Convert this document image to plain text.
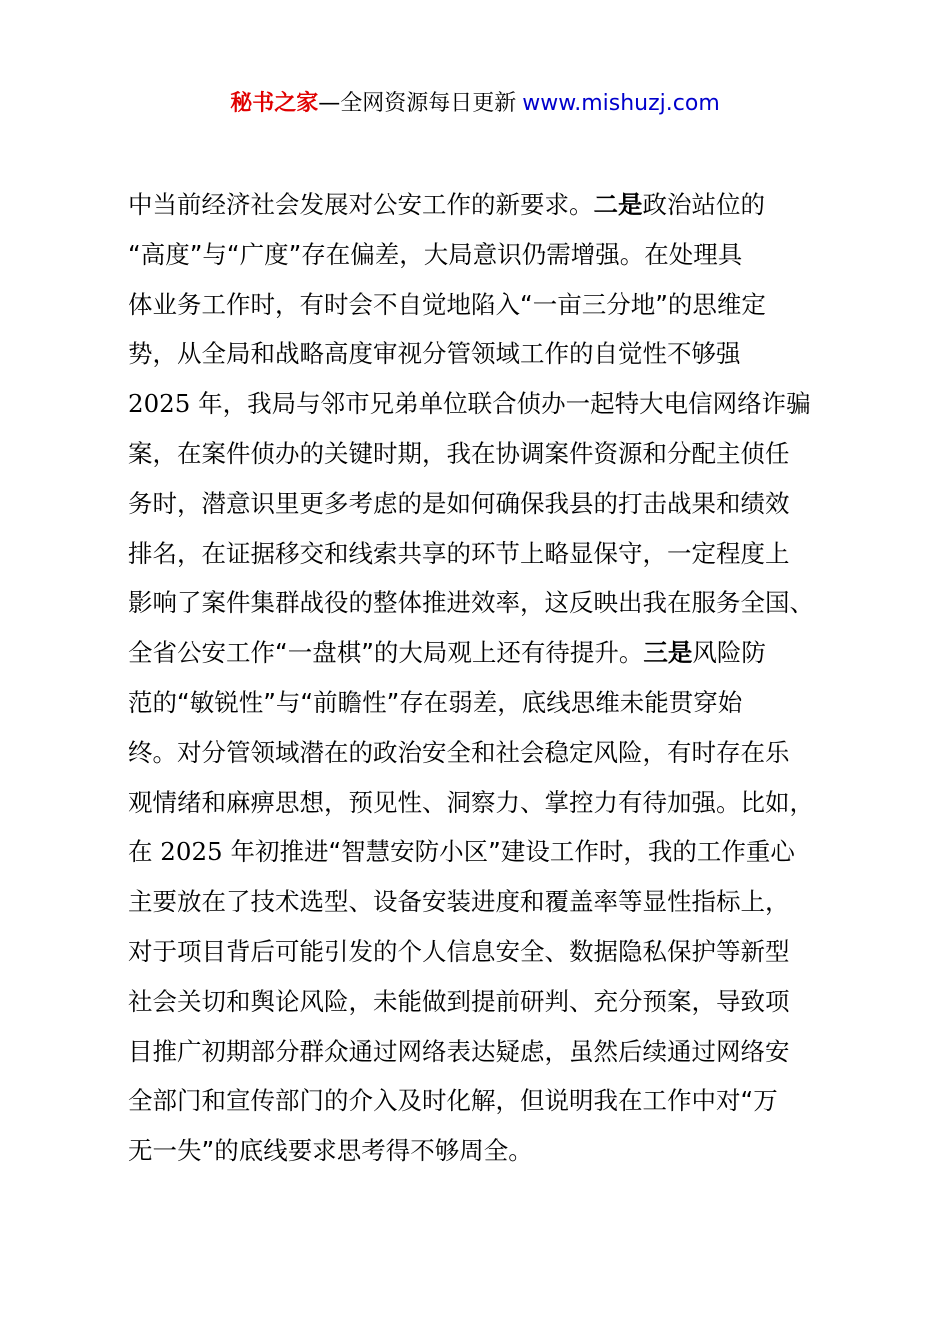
秘书之家—全网资源每日更新 www.mishuzj.com
中当前经济社会发展对公安工作的新要求。二是政治站位的
“高度”与“广度”存在偏差，大局意识仍需增强。在处理具
体业务工作时，有时会不自觉地陷入“一亩三分地”的思维定
势，从全局和战略高度审视分管领域工作的自觉性不够强
2025 年，我局与邻市兄弟单位联合侦办一起特大电信网络诈骗
案，在案件侦办的关键时期，我在协调案件资源和分配主侦任
务时，潜意识里更多考虑的是如何确保我县的打击战果和绩效
排名，在证据移交和线索共享的环节上略显保守，一定程度上
影响了案件集群战役的整体推进效率，这反映出我在服务全国、
全省公安工作“一盘棋”的大局观上还有待提升。三是风险防
范的“敏锐性”与“前瞻性”存在弱差，底线思维未能贯穿始
终。对分管领域潜在的政治安全和社会稳定风险，有时存在乐
观情绪和麻痹思想，预见性、洞察力、掌控力有待加强。比如，
在 2025 年初推进“智慧安防小区”建设工作时，我的工作重心
主要放在了技术选型、设备安装进度和覆盖率等显性指标上，
对于项目背后可能引发的个人信息安全、数据隐私保护等新型
社会关切和舆论风险，未能做到提前研判、充分预案，导致项
目推广初期部分群众通过网络表达疑虑，虽然后续通过网络安
全部门和宣传部门的介入及时化解，但说明我在工作中对“万
无一失”的底线要求思考得不够周全。
